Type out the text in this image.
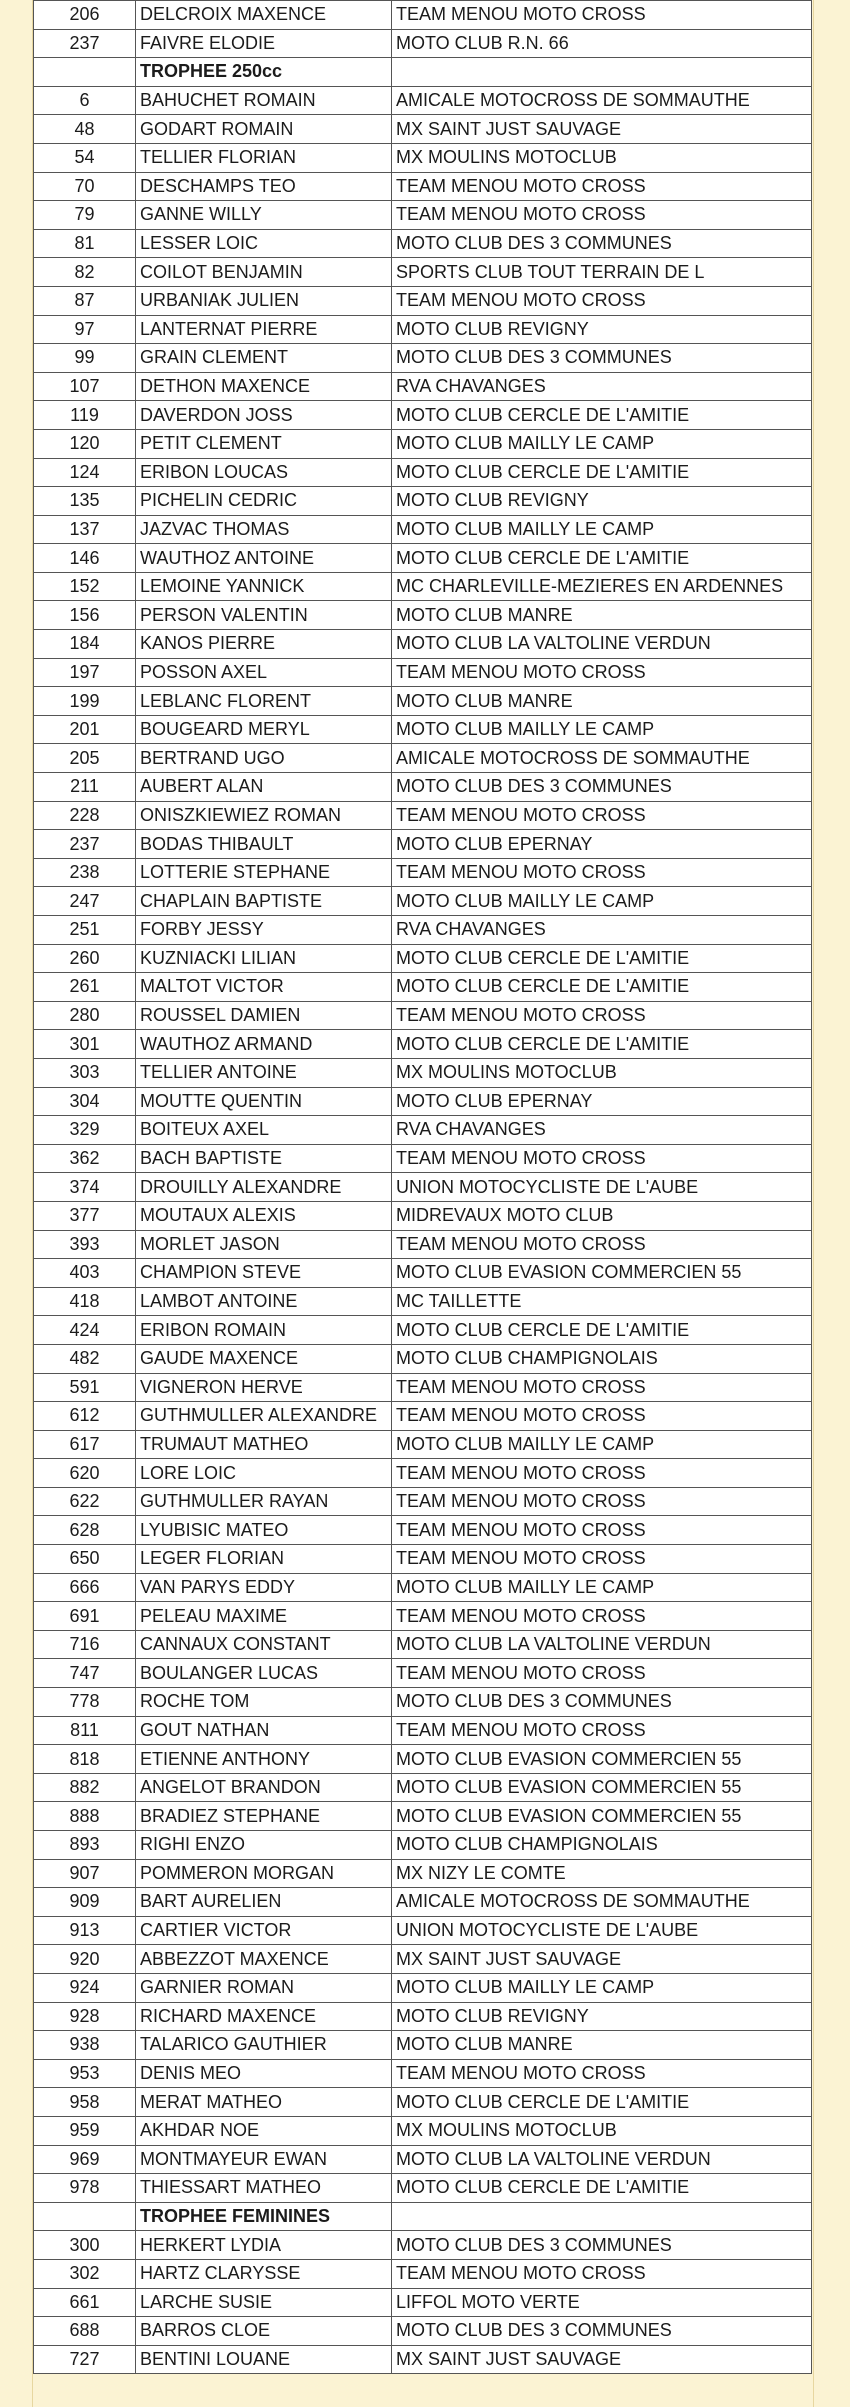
206	DELCROIX MAXENCE	TEAM MENOU MOTO CROSS
237	FAIVRE ELODIE	MOTO CLUB R.N. 66
	TROPHEE 250cc	
6	BAHUCHET ROMAIN	AMICALE MOTOCROSS DE SOMMAUTHE
48	GODART ROMAIN	MX SAINT JUST SAUVAGE
54	TELLIER FLORIAN	MX MOULINS MOTOCLUB
70	DESCHAMPS TEO	TEAM MENOU MOTO CROSS
79	GANNE WILLY	TEAM MENOU MOTO CROSS
81	LESSER LOIC	MOTO CLUB DES 3 COMMUNES
82	COILOT BENJAMIN	SPORTS CLUB TOUT TERRAIN DE L
87	URBANIAK JULIEN	TEAM MENOU MOTO CROSS
97	LANTERNAT PIERRE	MOTO CLUB REVIGNY
99	GRAIN CLEMENT	MOTO CLUB DES 3 COMMUNES
107	DETHON MAXENCE	RVA CHAVANGES
119	DAVERDON JOSS	MOTO CLUB CERCLE DE L'AMITIE
120	PETIT CLEMENT	MOTO CLUB MAILLY LE CAMP
124	ERIBON LOUCAS	MOTO CLUB CERCLE DE L'AMITIE
135	PICHELIN CEDRIC	MOTO CLUB REVIGNY
137	JAZVAC THOMAS	MOTO CLUB MAILLY LE CAMP
146	WAUTHOZ ANTOINE	MOTO CLUB CERCLE DE L'AMITIE
152	LEMOINE YANNICK	MC CHARLEVILLE-MEZIERES EN ARDENNES
156	PERSON VALENTIN	MOTO CLUB MANRE
184	KANOS PIERRE	MOTO CLUB LA VALTOLINE VERDUN
197	POSSON AXEL	TEAM MENOU MOTO CROSS
199	LEBLANC FLORENT	MOTO CLUB MANRE
201	BOUGEARD MERYL	MOTO CLUB MAILLY LE CAMP
205	BERTRAND UGO	AMICALE MOTOCROSS DE SOMMAUTHE
211	AUBERT ALAN	MOTO CLUB DES 3 COMMUNES
228	ONISZKIEWIEZ ROMAN	TEAM MENOU MOTO CROSS
237	BODAS THIBAULT	MOTO CLUB EPERNAY
238	LOTTERIE STEPHANE	TEAM MENOU MOTO CROSS
247	CHAPLAIN BAPTISTE	MOTO CLUB MAILLY LE CAMP
251	FORBY JESSY	RVA CHAVANGES
260	KUZNIACKI LILIAN	MOTO CLUB CERCLE DE L'AMITIE
261	MALTOT VICTOR	MOTO CLUB CERCLE DE L'AMITIE
280	ROUSSEL DAMIEN	TEAM MENOU MOTO CROSS
301	WAUTHOZ ARMAND	MOTO CLUB CERCLE DE L'AMITIE
303	TELLIER ANTOINE	MX MOULINS MOTOCLUB
304	MOUTTE QUENTIN	MOTO CLUB EPERNAY
329	BOITEUX AXEL	RVA CHAVANGES
362	BACH BAPTISTE	TEAM MENOU MOTO CROSS
374	DROUILLY ALEXANDRE	UNION MOTOCYCLISTE DE L'AUBE
377	MOUTAUX ALEXIS	MIDREVAUX MOTO CLUB
393	MORLET JASON	TEAM MENOU MOTO CROSS
403	CHAMPION STEVE	MOTO CLUB EVASION COMMERCIEN 55
418	LAMBOT ANTOINE	MC TAILLETTE
424	ERIBON ROMAIN	MOTO CLUB CERCLE DE L'AMITIE
482	GAUDE MAXENCE	MOTO CLUB CHAMPIGNOLAIS
591	VIGNERON HERVE	TEAM MENOU MOTO CROSS
612	GUTHMULLER ALEXANDRE	TEAM MENOU MOTO CROSS
617	TRUMAUT MATHEO	MOTO CLUB MAILLY LE CAMP
620	LORE LOIC	TEAM MENOU MOTO CROSS
622	GUTHMULLER RAYAN	TEAM MENOU MOTO CROSS
628	LYUBISIC MATEO	TEAM MENOU MOTO CROSS
650	LEGER FLORIAN	TEAM MENOU MOTO CROSS
666	VAN PARYS EDDY	MOTO CLUB MAILLY LE CAMP
691	PELEAU MAXIME	TEAM MENOU MOTO CROSS
716	CANNAUX CONSTANT	MOTO CLUB LA VALTOLINE VERDUN
747	BOULANGER LUCAS	TEAM MENOU MOTO CROSS
778	ROCHE TOM	MOTO CLUB DES 3 COMMUNES
811	GOUT NATHAN	TEAM MENOU MOTO CROSS
818	ETIENNE ANTHONY	MOTO CLUB EVASION COMMERCIEN 55
882	ANGELOT BRANDON	MOTO CLUB EVASION COMMERCIEN 55
888	BRADIEZ STEPHANE	MOTO CLUB EVASION COMMERCIEN 55
893	RIGHI ENZO	MOTO CLUB CHAMPIGNOLAIS
907	POMMERON MORGAN	MX NIZY LE COMTE
909	BART AURELIEN	AMICALE MOTOCROSS DE SOMMAUTHE
913	CARTIER VICTOR	UNION MOTOCYCLISTE DE L'AUBE
920	ABBEZZOT MAXENCE	MX SAINT JUST SAUVAGE
924	GARNIER ROMAN	MOTO CLUB MAILLY LE CAMP
928	RICHARD MAXENCE	MOTO CLUB REVIGNY
938	TALARICO GAUTHIER	MOTO CLUB MANRE
953	DENIS MEO	TEAM MENOU MOTO CROSS
958	MERAT MATHEO	MOTO CLUB CERCLE DE L'AMITIE
959	AKHDAR NOE	MX MOULINS MOTOCLUB
969	MONTMAYEUR EWAN	MOTO CLUB LA VALTOLINE VERDUN
978	THIESSART MATHEO	MOTO CLUB CERCLE DE L'AMITIE
	TROPHEE FEMININES	
300	HERKERT LYDIA	MOTO CLUB DES 3 COMMUNES
302	HARTZ CLARYSSE	TEAM MENOU MOTO CROSS
661	LARCHE SUSIE	LIFFOL MOTO VERTE
688	BARROS CLOE	MOTO CLUB DES 3 COMMUNES
727	BENTINI LOUANE	MX SAINT JUST SAUVAGE
